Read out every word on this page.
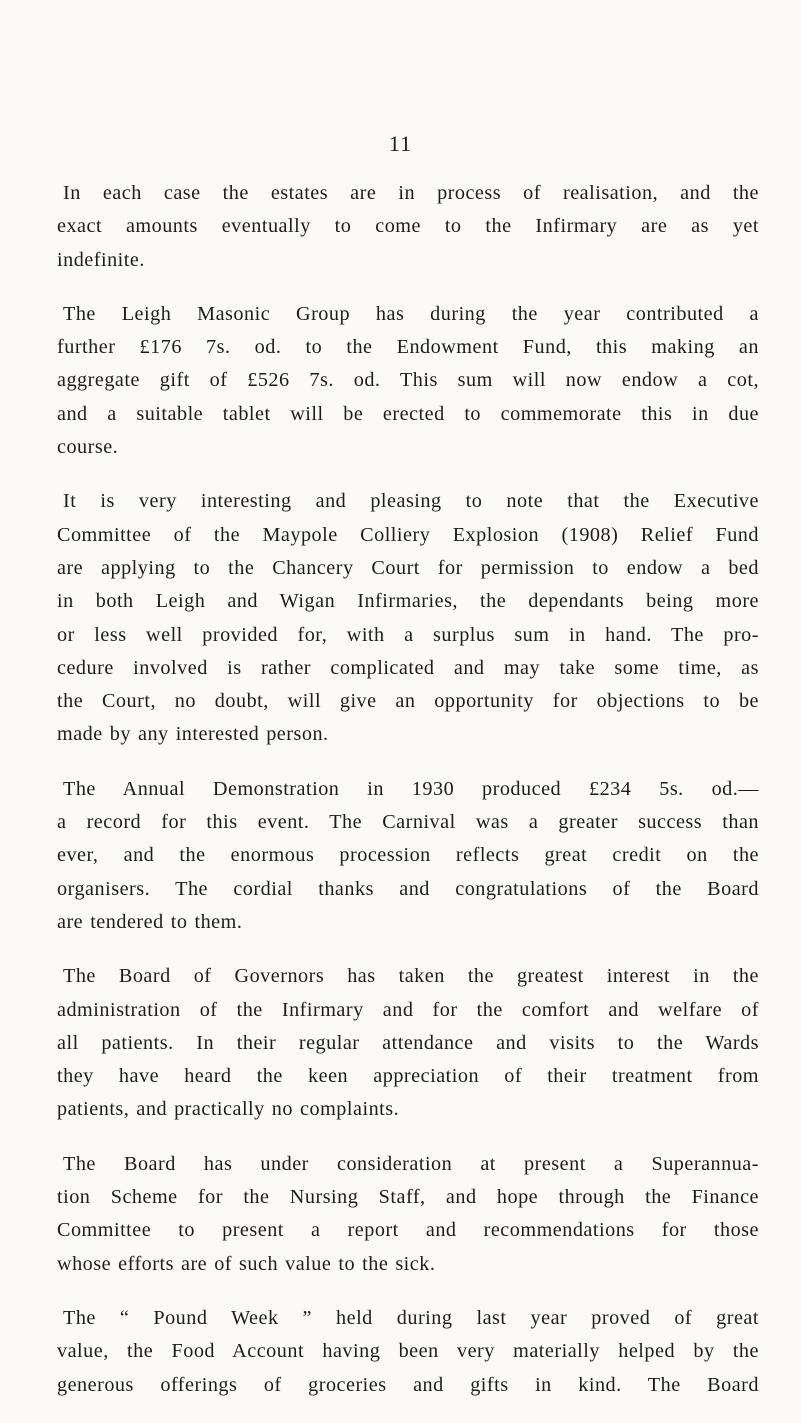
11
In each case the estates are in process of realisation, and the
exact amounts eventually to come to the Infirmary are as yet
indefinite.
The Leigh Masonic Group has during the year contributed a
further £176 7s. od. to the Endowment Fund, this making an
aggregate gift of £526 7s. od. This sum will now endow a cot,
and a suitable tablet will be erected to commemorate this in due
course.
It is very interesting and pleasing to note that the Executive
Committee of the Maypole Colliery Explosion (1908) Relief Fund
are applying to the Chancery Court for permission to endow a bed
in both Leigh and Wigan Infirmaries, the dependants being more
or less well provided for, with a surplus sum in hand. The pro-
cedure involved is rather complicated and may take some time, as
the Court, no doubt, will give an opportunity for objections to be
made by any interested person.
The Annual Demonstration in 1930 produced £234 5s. od.—
a record for this event. The Carnival was a greater success than
ever, and the enormous procession reflects great credit on the
organisers. The cordial thanks and congratulations of the Board
are tendered to them.
The Board of Governors has taken the greatest interest in the
administration of the Infirmary and for the comfort and welfare of
all patients. In their regular attendance and visits to the Wards
they have heard the keen appreciation of their treatment from
patients, and practically no complaints.
The Board has under consideration at present a Superannua-
tion Scheme for the Nursing Staff, and hope through the Finance
Committee to present a report and recommendations for those
whose efforts are of such value to the sick.
The “ Pound Week ” held during last year proved of great
value, the Food Account having been very materially helped by the
generous offerings of groceries and gifts in kind. The Board
